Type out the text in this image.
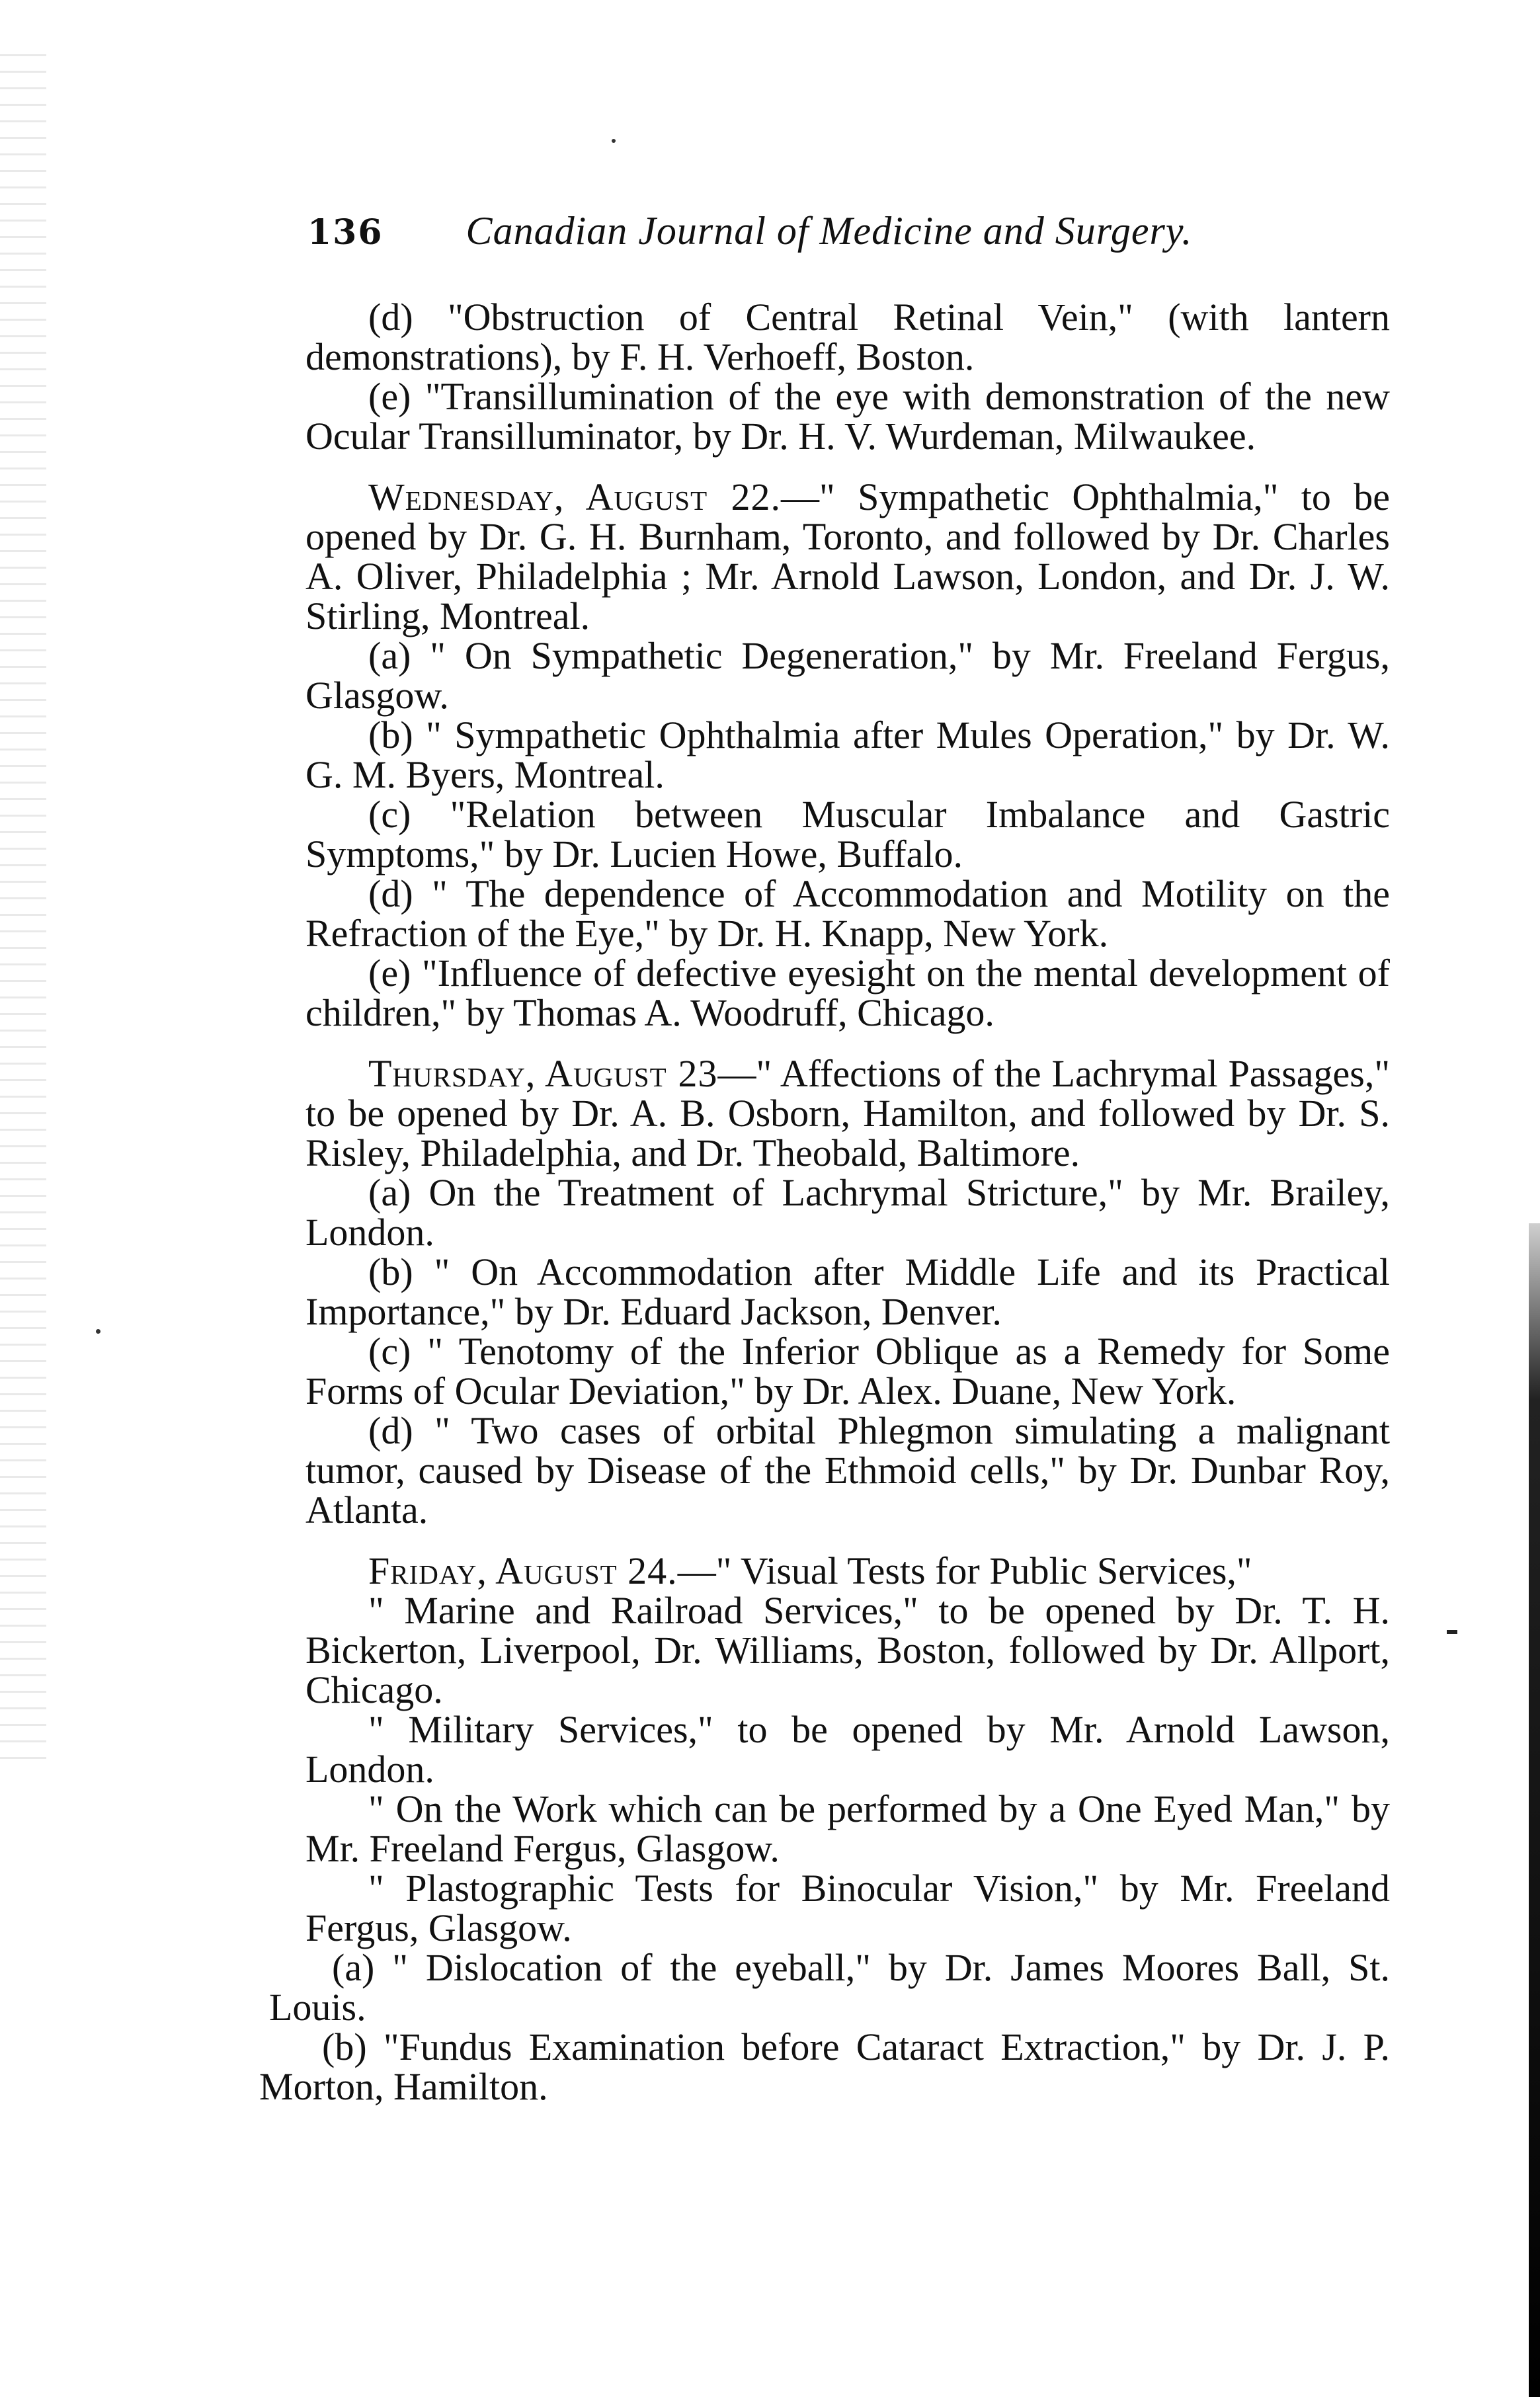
136 Canadian Journal of Medicine and Surgery.

(d) "Obstruction of Central Retinal Vein," (with lantern demonstrations), by F. H. Verhoeff, Boston.

(e) "Transillumination of the eye with demonstration of the new Ocular Transilluminator, by Dr. H. V. Wurdeman, Milwaukee.

Wednesday, August 22.—" Sympathetic Ophthalmia," to be opened by Dr. G. H. Burnham, Toronto, and followed by Dr. Charles A. Oliver, Philadelphia ; Mr. Arnold Lawson, London, and Dr. J. W. Stirling, Montreal.

(a) " On Sympathetic Degeneration," by Mr. Freeland Fergus, Glasgow.

(b) " Sympathetic Ophthalmia after Mules Operation," by Dr. W. G. M. Byers, Montreal.

(c) "Relation between Muscular Imbalance and Gastric Symptoms," by Dr. Lucien Howe, Buffalo.

(d) " The dependence of Accommodation and Motility on the Refraction of the Eye," by Dr. H. Knapp, New York.

(e) "Influence of defective eyesight on the mental development of children," by Thomas A. Woodruff, Chicago.

Thursday, August 23—" Affections of the Lachrymal Passages," to be opened by Dr. A. B. Osborn, Hamilton, and followed by Dr. S. Risley, Philadelphia, and Dr. Theobald, Baltimore.

(a) On the Treatment of Lachrymal Stricture," by Mr. Brailey, London.

(b) " On Accommodation after Middle Life and its Practical Importance," by Dr. Eduard Jackson, Denver.

(c) " Tenotomy of the Inferior Oblique as a Remedy for Some Forms of Ocular Deviation," by Dr. Alex. Duane, New York.

(d) " Two cases of orbital Phlegmon simulating a malignant tumor, caused by Disease of the Ethmoid cells," by Dr. Dunbar Roy, Atlanta.

Friday, August 24.—" Visual Tests for Public Services,"

" Marine and Railroad Services," to be opened by Dr. T. H. Bickerton, Liverpool, Dr. Williams, Boston, followed by Dr. Allport, Chicago.

" Military Services," to be opened by Mr. Arnold Lawson, London.

" On the Work which can be performed by a One Eyed Man," by Mr. Freeland Fergus, Glasgow.

" Plastographic Tests for Binocular Vision," by Mr. Freeland Fergus, Glasgow.

(a) " Dislocation of the eyeball," by Dr. James Moores Ball, St. Louis.

(b) "Fundus Examination before Cataract Extraction," by Dr. J. P. Morton, Hamilton.
